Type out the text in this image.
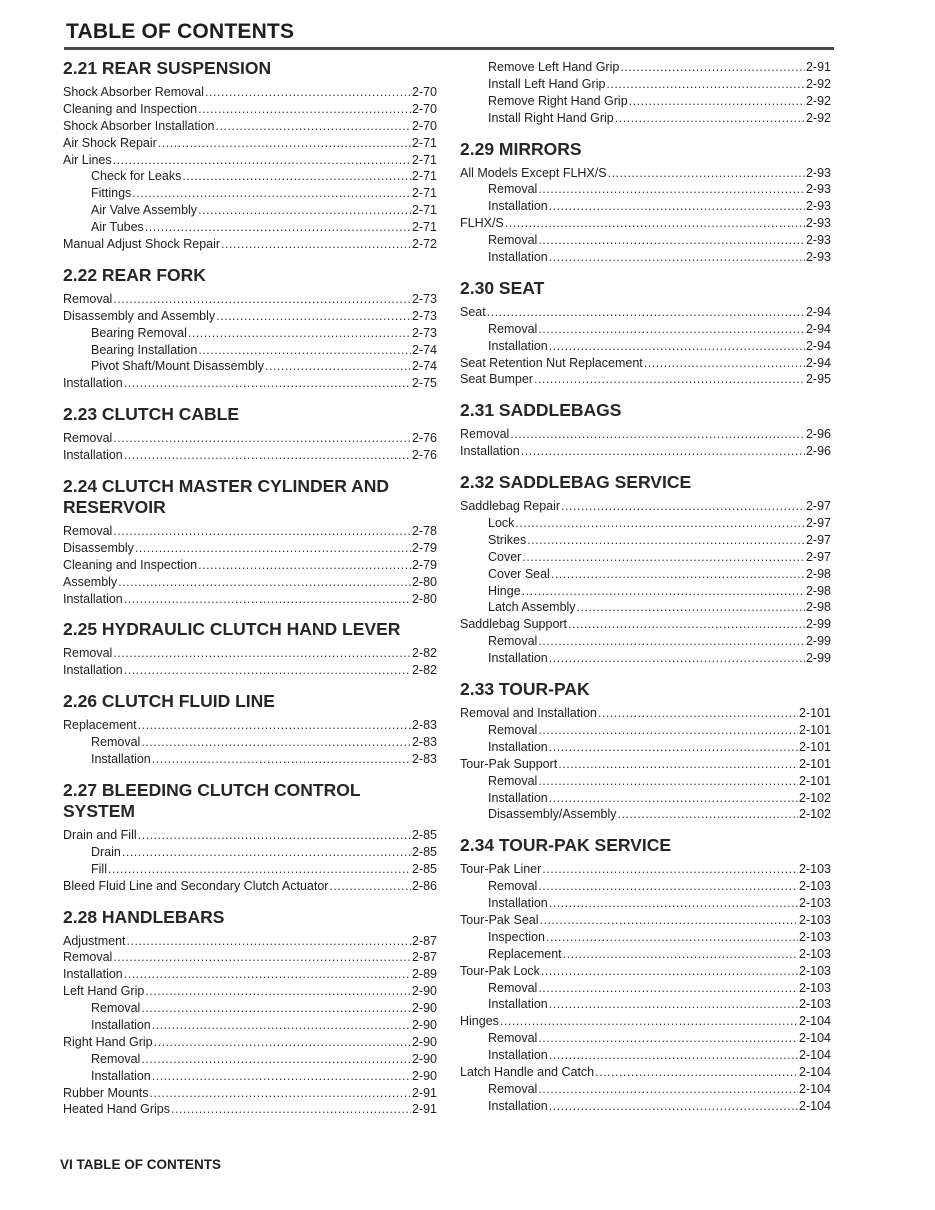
TABLE OF CONTENTS
2.21 REAR SUSPENSION
Shock Absorber Removal .....	2-70
Cleaning and Inspection .....	2-70
Shock Absorber Installation .....	2-70
Air Shock Repair .....	2-71
Air Lines .....	2-71
Check for Leaks .....	2-71
Fittings .....	2-71
Air Valve Assembly .....	2-71
Air Tubes .....	2-71
Manual Adjust Shock Repair .....	2-72
2.22 REAR FORK
Removal .....	2-73
Disassembly and Assembly .....	2-73
Bearing Removal .....	2-73
Bearing Installation .....	2-74
Pivot Shaft/Mount Disassembly .....	2-74
Installation .....	2-75
2.23 CLUTCH CABLE
Removal .....	2-76
Installation .....	2-76
2.24 CLUTCH MASTER CYLINDER AND RESERVOIR
Removal .....	2-78
Disassembly .....	2-79
Cleaning and Inspection .....	2-79
Assembly .....	2-80
Installation .....	2-80
2.25 HYDRAULIC CLUTCH HAND LEVER
Removal .....	2-82
Installation .....	2-82
2.26 CLUTCH FLUID LINE
Replacement .....	2-83
Removal .....	2-83
Installation .....	2-83
2.27 BLEEDING CLUTCH CONTROL SYSTEM
Drain and Fill .....	2-85
Drain .....	2-85
Fill .....	2-85
Bleed Fluid Line and Secondary Clutch Actuator .....	2-86
2.28 HANDLEBARS
Adjustment .....	2-87
Removal .....	2-87
Installation .....	2-89
Left Hand Grip .....	2-90
Removal .....	2-90
Installation .....	2-90
Right Hand Grip .....	2-90
Removal .....	2-90
Installation .....	2-90
Rubber Mounts .....	2-91
Heated Hand Grips .....	2-91
Remove Left Hand Grip .....	2-91
Install Left Hand Grip .....	2-92
Remove Right Hand Grip .....	2-92
Install Right Hand Grip .....	2-92
2.29 MIRRORS
All Models Except FLHX/S .....	2-93
Removal .....	2-93
Installation .....	2-93
FLHX/S .....	2-93
Removal .....	2-93
Installation .....	2-93
2.30 SEAT
Seat .....	2-94
Removal .....	2-94
Installation .....	2-94
Seat Retention Nut Replacement .....	2-94
Seat Bumper .....	2-95
2.31 SADDLEBAGS
Removal .....	2-96
Installation .....	2-96
2.32 SADDLEBAG SERVICE
Saddlebag Repair .....	2-97
Lock .....	2-97
Strikes .....	2-97
Cover .....	2-97
Cover Seal .....	2-98
Hinge .....	2-98
Latch Assembly .....	2-98
Saddlebag Support .....	2-99
Removal .....	2-99
Installation .....	2-99
2.33 TOUR-PAK
Removal and Installation .....	2-101
Removal .....	2-101
Installation .....	2-101
Tour-Pak Support .....	2-101
Removal .....	2-101
Installation .....	2-102
Disassembly/Assembly .....	2-102
2.34 TOUR-PAK SERVICE
Tour-Pak Liner .....	2-103
Removal .....	2-103
Installation .....	2-103
Tour-Pak Seal .....	2-103
Inspection .....	2-103
Replacement .....	2-103
Tour-Pak Lock .....	2-103
Removal .....	2-103
Installation .....	2-103
Hinges .....	2-104
Removal .....	2-104
Installation .....	2-104
Latch Handle and Catch .....	2-104
Removal .....	2-104
Installation .....	2-104
VI TABLE OF CONTENTS
